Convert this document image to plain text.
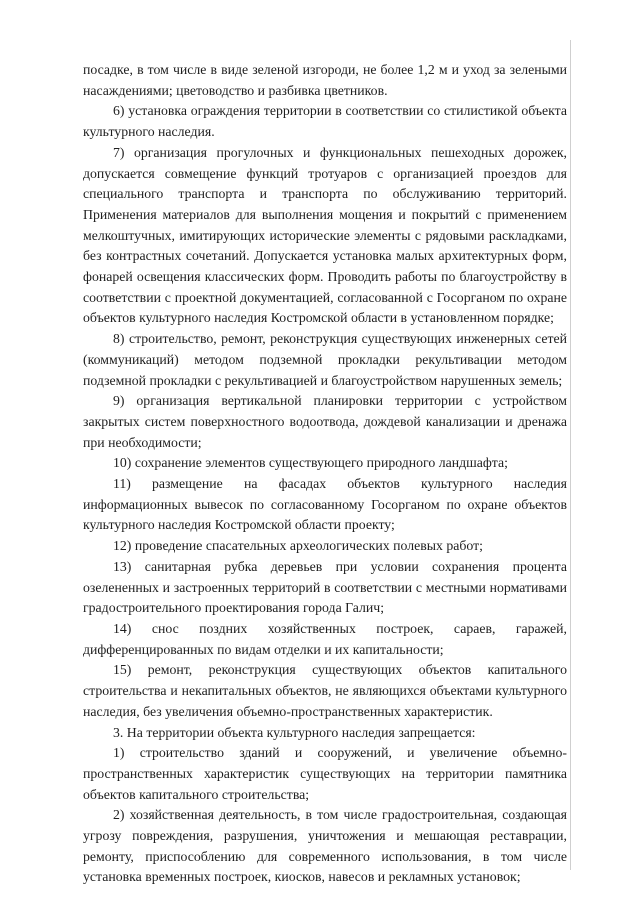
посадке, в том числе в виде зеленой изгороди, не более 1,2 м и уход за зелеными насаждениями; цветоводство и разбивка цветников.

6) установка ограждения территории в соответствии со стилистикой объекта культурного наследия.

7) организация прогулочных и функциональных пешеходных дорожек, допускается совмещение функций тротуаров с организацией проездов для специального транспорта и транспорта по обслуживанию территорий. Применения материалов для выполнения мощения и покрытий с применением мелкоштучных, имитирующих исторические элементы с рядовыми раскладками, без контрастных сочетаний. Допускается установка малых архитектурных форм, фонарей освещения классических форм. Проводить работы по благоустройству в соответствии с проектной документацией, согласованной с Госорганом по охране объектов культурного наследия Костромской области в установленном порядке;

8) строительство, ремонт, реконструкция существующих инженерных сетей (коммуникаций) методом подземной прокладки рекультивации методом подземной прокладки с рекультивацией и благоустройством нарушенных земель;

9) организация вертикальной планировки территории с устройством закрытых систем поверхностного водоотвода, дождевой канализации и дренажа при необходимости;

10) сохранение элементов существующего природного ландшафта;

11) размещение на фасадах объектов культурного наследия информационных вывесок по согласованному Госорганом по охране объектов культурного наследия Костромской области проекту;

12) проведение спасательных археологических полевых работ;

13) санитарная рубка деревьев при условии сохранения процента озелененных и застроенных территорий в соответствии с местными нормативами градостроительного проектирования города Галич;

14) снос поздних хозяйственных построек, сараев, гаражей, дифференцированных по видам отделки и их капитальности;

15) ремонт, реконструкция существующих объектов капитального строительства и некапитальных объектов, не являющихся объектами культурного наследия, без увеличения объемно-пространственных характеристик.

3. На территории объекта культурного наследия запрещается:

1) строительство зданий и сооружений, и увеличение объемно-пространственных характеристик существующих на территории памятника объектов капитального строительства;

2) хозяйственная деятельность, в том числе градостроительная, создающая угрозу повреждения, разрушения, уничтожения и мешающая реставрации, ремонту, приспособлению для современного использования, в том числе установка временных построек, киосков, навесов и рекламных установок;
